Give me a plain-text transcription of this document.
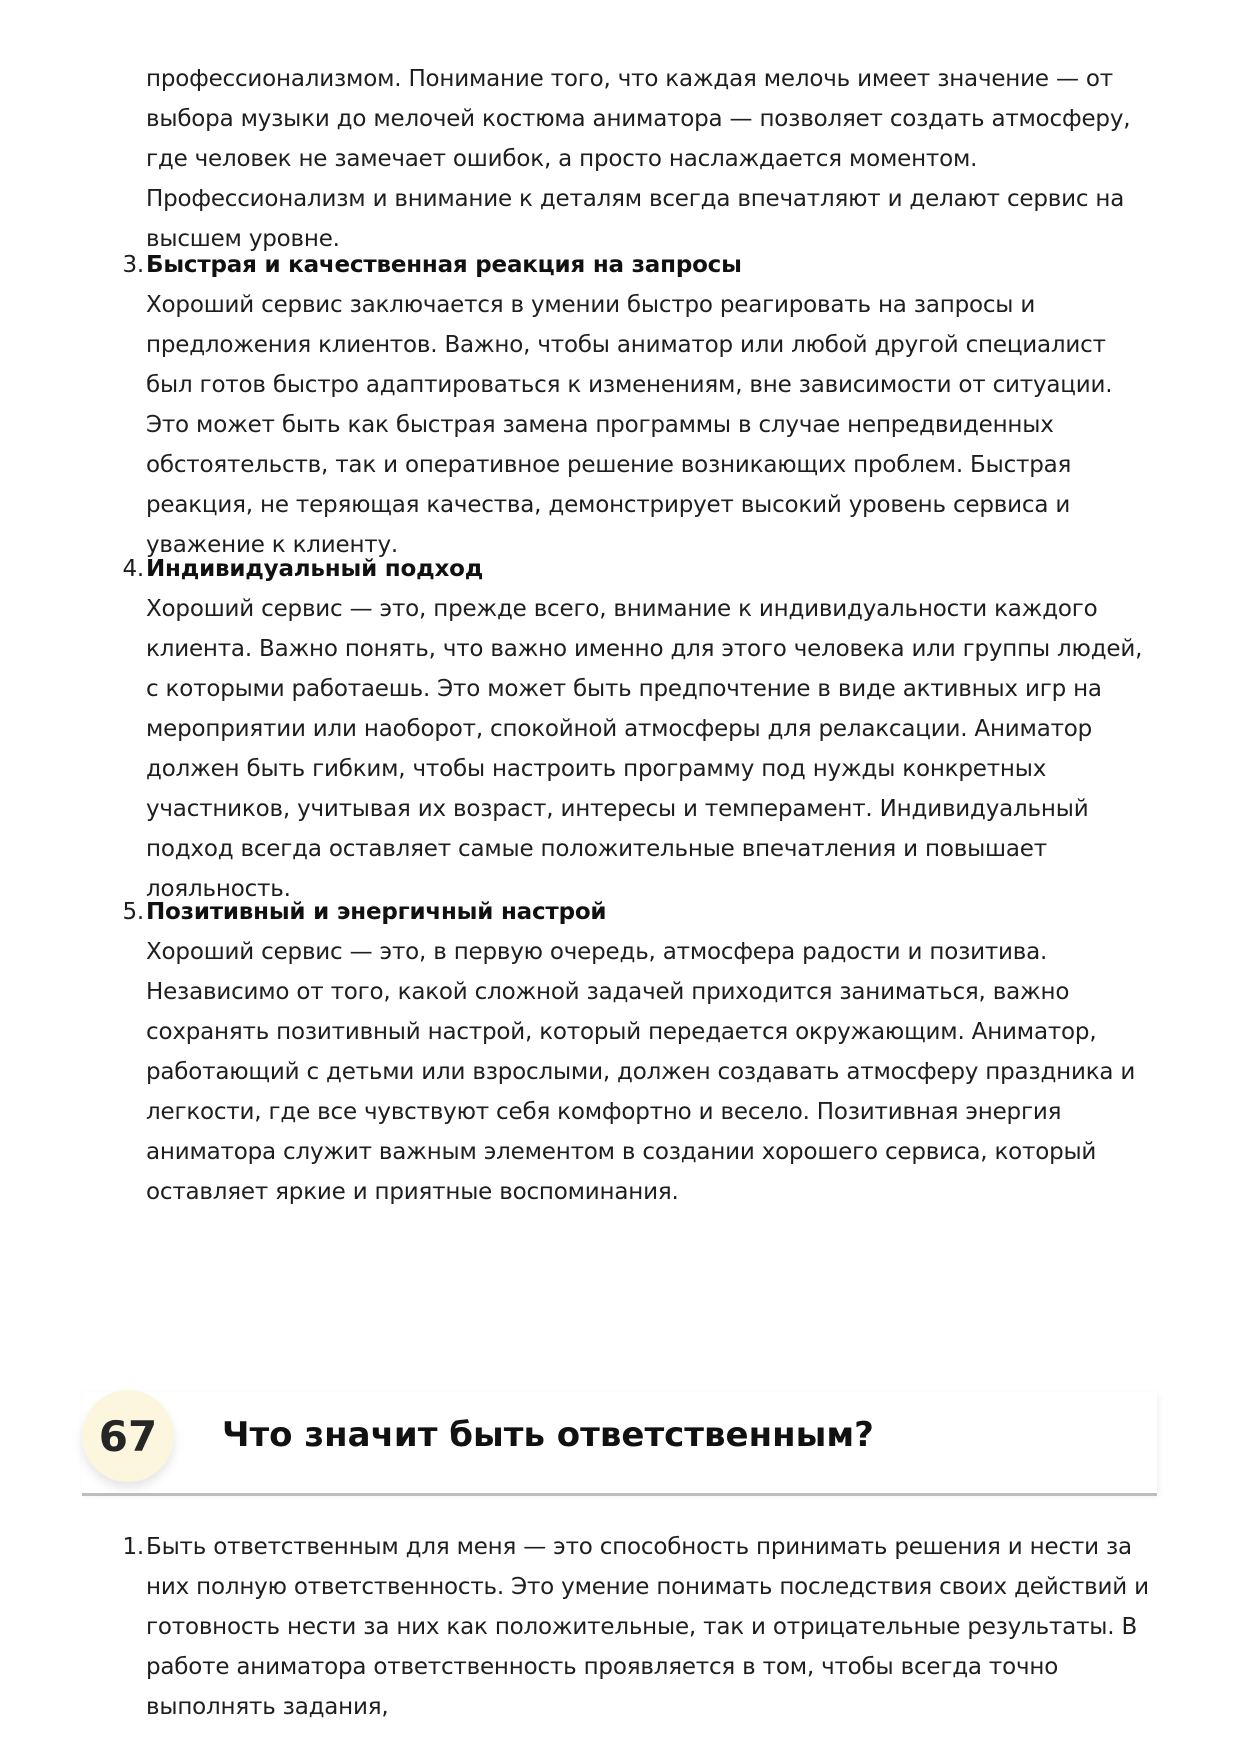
профессионализмом. Понимание того, что каждая мелочь имеет значение — от выбора музыки до мелочей костюма аниматора — позволяет создать атмосферу, где человек не замечает ошибок, а просто наслаждается моментом. Профессионализм и внимание к деталям всегда впечатляют и делают сервис на высшем уровне.

3. Быстрая и качественная реакция на запросы

Хороший сервис заключается в умении быстро реагировать на запросы и предложения клиентов. Важно, чтобы аниматор или любой другой специалист был готов быстро адаптироваться к изменениям, вне зависимости от ситуации. Это может быть как быстрая замена программы в случае непредвиденных обстоятельств, так и оперативное решение возникающих проблем. Быстрая реакция, не теряющая качества, демонстрирует высокий уровень сервиса и уважение к клиенту.

4. Индивидуальный подход

Хороший сервис — это, прежде всего, внимание к индивидуальности каждого клиента. Важно понять, что важно именно для этого человека или группы людей, с которыми работаешь. Это может быть предпочтение в виде активных игр на мероприятии или наоборот, спокойной атмосферы для релаксации. Аниматор должен быть гибким, чтобы настроить программу под нужды конкретных участников, учитывая их возраст, интересы и темперамент. Индивидуальный подход всегда оставляет самые положительные впечатления и повышает лояльность.

5. Позитивный и энергичный настрой

Хороший сервис — это, в первую очередь, атмосфера радости и позитива. Независимо от того, какой сложной задачей приходится заниматься, важно сохранять позитивный настрой, который передается окружающим. Аниматор, работающий с детьми или взрослыми, должен создавать атмосферу праздника и легкости, где все чувствуют себя комфортно и весело. Позитивная энергия аниматора служит важным элементом в создании хорошего сервиса, который оставляет яркие и приятные воспоминания.

67	Что значит быть ответственным?
1. Быть ответственным для меня — это способность принимать решения и нести за них полную ответственность. Это умение понимать последствия своих действий и готовность нести за них как положительные, так и отрицательные результаты. В работе аниматора ответственность проявляется в том, чтобы всегда точно выполнять задания,
